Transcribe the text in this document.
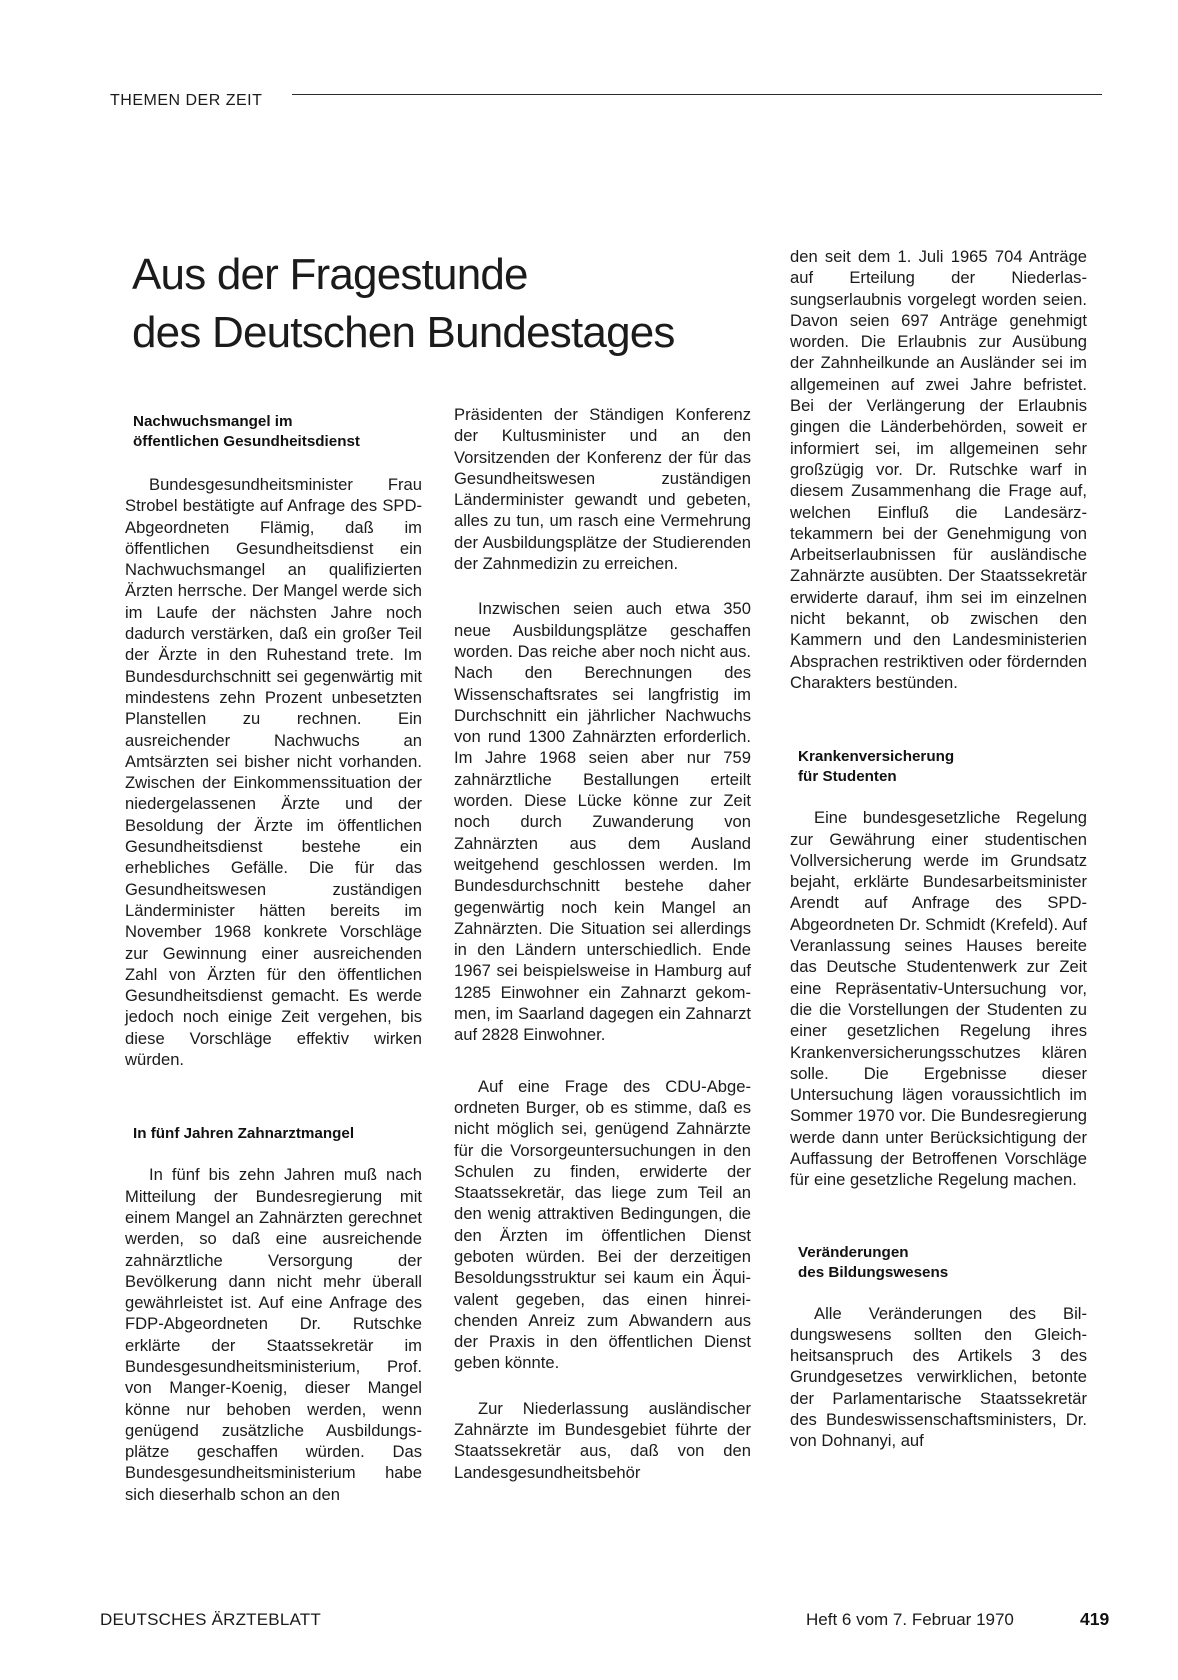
THEMEN DER ZEIT
Aus der Fragestunde
des Deutschen Bundestages

Nachwuchsmangel im

öffentlichen Gesundheitsdienst

Bundesgesundheitsminister Frau Strobel bestätigte auf Anfrage des SPD-Abgeordneten Flämig, daß im öffentlichen Gesundheitsdienst ein Nachwuchsmangel an qualifizierten Ärzten herrsche. Der Mangel werde sich im Laufe der nächsten Jahre noch dadurch verstärken, daß ein großer Teil der Ärzte in den Ruhestand trete. Im Bundesdurchschnitt sei gegenwärtig mit mindestens zehn Prozent unbesetzten Planstellen zu rechnen. Ein ausreichender Nachwuchs an Amtsärzten sei bisher nicht vorhanden. Zwischen der Einkommenssituation der niedergelassenen Ärzte und der Besoldung der Ärzte im öffentlichen Gesundheitsdienst bestehe ein erhebliches Gefälle. Die für das Gesundheitswesen zuständigen Länderminister hätten bereits im November 1968 konkrete Vorschläge zur Gewinnung einer ausreichenden Zahl von Ärzten für den öffentlichen Gesundheitsdienst gemacht. Es werde jedoch noch einige Zeit vergehen, bis diese Vorschläge effektiv wirken würden.

In fünf Jahren Zahnarztmangel

In fünf bis zehn Jahren muß nach Mitteilung der Bundesregierung mit einem Mangel an Zahnärzten gerechnet werden, so daß eine ausreichende zahnärztliche Versorgung der Bevölkerung dann nicht mehr überall gewährleistet ist. Auf eine Anfrage des FDP-Abgeordneten Dr. Rutschke erklärte der Staatssekretär im Bundesgesundheitsministerium, Prof. von Manger-Koenig, dieser Mangel könne nur behoben werden, wenn genügend zusätzliche Ausbildungsplätze geschaffen würden. Das Bundesgesundheitsministerium habe sich dieserhalb schon an den

Präsidenten der Ständigen Konferenz der Kultusminister und an den Vorsitzenden der Konferenz der für das Gesundheitswesen zuständigen Länderminister gewandt und gebeten, alles zu tun, um rasch eine Vermehrung der Ausbildungsplätze der Studierenden der Zahnmedizin zu erreichen.

Inzwischen seien auch etwa 350 neue Ausbildungsplätze geschaffen worden. Das reiche aber noch nicht aus. Nach den Berechnungen des Wissenschaftsrates sei langfristig im Durchschnitt ein jährlicher Nachwuchs von rund 1300 Zahnärzten erforderlich. Im Jahre 1968 seien aber nur 759 zahnärztliche Bestallungen erteilt worden. Diese Lücke könne zur Zeit noch durch Zuwanderung von Zahnärzten aus dem Ausland weitgehend geschlossen werden. Im Bundesdurchschnitt bestehe daher gegenwärtig noch kein Mangel an Zahnärzten. Die Situation sei allerdings in den Ländern unterschiedlich. Ende 1967 sei beispielsweise in Hamburg auf 1285 Einwohner ein Zahnarzt gekommen, im Saarland dagegen ein Zahnarzt auf 2828 Einwohner.

Auf eine Frage des CDU-Abgeordneten Burger, ob es stimme, daß es nicht möglich sei, genügend Zahnärzte für die Vorsorgeuntersuchungen in den Schulen zu finden, erwiderte der Staatssekretär, das liege zum Teil an den wenig attraktiven Bedingungen, die den Ärzten im öffentlichen Dienst geboten würden. Bei der derzeitigen Besoldungsstruktur sei kaum ein Äquivalent gegeben, das einen hinreichenden Anreiz zum Abwandern aus der Praxis in den öffentlichen Dienst geben könnte.

Zur Niederlassung ausländischer Zahnärzte im Bundesgebiet führte der Staatssekretär aus, daß von den Landesgesundheitsbehör

den seit dem 1. Juli 1965 704 Anträge auf Erteilung der Niederlassungserlaubnis vorgelegt worden seien. Davon seien 697 Anträge genehmigt worden. Die Erlaubnis zur Ausübung der Zahnheilkunde an Ausländer sei im allgemeinen auf zwei Jahre befristet. Bei der Verlängerung der Erlaubnis gingen die Länderbehörden, soweit er informiert sei, im allgemeinen sehr großzügig vor. Dr. Rutschke warf in diesem Zusammenhang die Frage auf, welchen Einfluß die Landesärztekammern bei der Genehmigung von Arbeitserlaubnissen für ausländische Zahnärzte ausübten. Der Staatssekretär erwiderte darauf, ihm sei im einzelnen nicht bekannt, ob zwischen den Kammern und den Landesministerien Absprachen restriktiven oder fördernden Charakters bestünden.

Krankenversicherung

für Studenten

Eine bundesgesetzliche Regelung zur Gewährung einer studentischen Vollversicherung werde im Grundsatz bejaht, erklärte Bundesarbeitsminister Arendt auf Anfrage des SPD-Abgeordneten Dr. Schmidt (Krefeld). Auf Veranlassung seines Hauses bereite das Deutsche Studentenwerk zur Zeit eine Repräsentativ-Untersuchung vor, die die Vorstellungen der Studenten zu einer gesetzlichen Regelung ihres Krankenversicherungsschutzes klären solle. Die Ergebnisse dieser Untersuchung lägen voraussichtlich im Sommer 1970 vor. Die Bundesregierung werde dann unter Berücksichtigung der Auffassung der Betroffenen Vorschläge für eine gesetzliche Regelung machen.

Veränderungen

des Bildungswesens

Alle Veränderungen des Bildungswesens sollten den Gleichheitsanspruch des Artikels 3 des Grundgesetzes verwirklichen, betonte der Parlamentarische Staatssekretär des Bundeswissenschaftsministers, Dr. von Dohnanyi, auf

DEUTSCHES ÄRZTEBLATT	Heft 6 vom 7. Februar 1970	419
